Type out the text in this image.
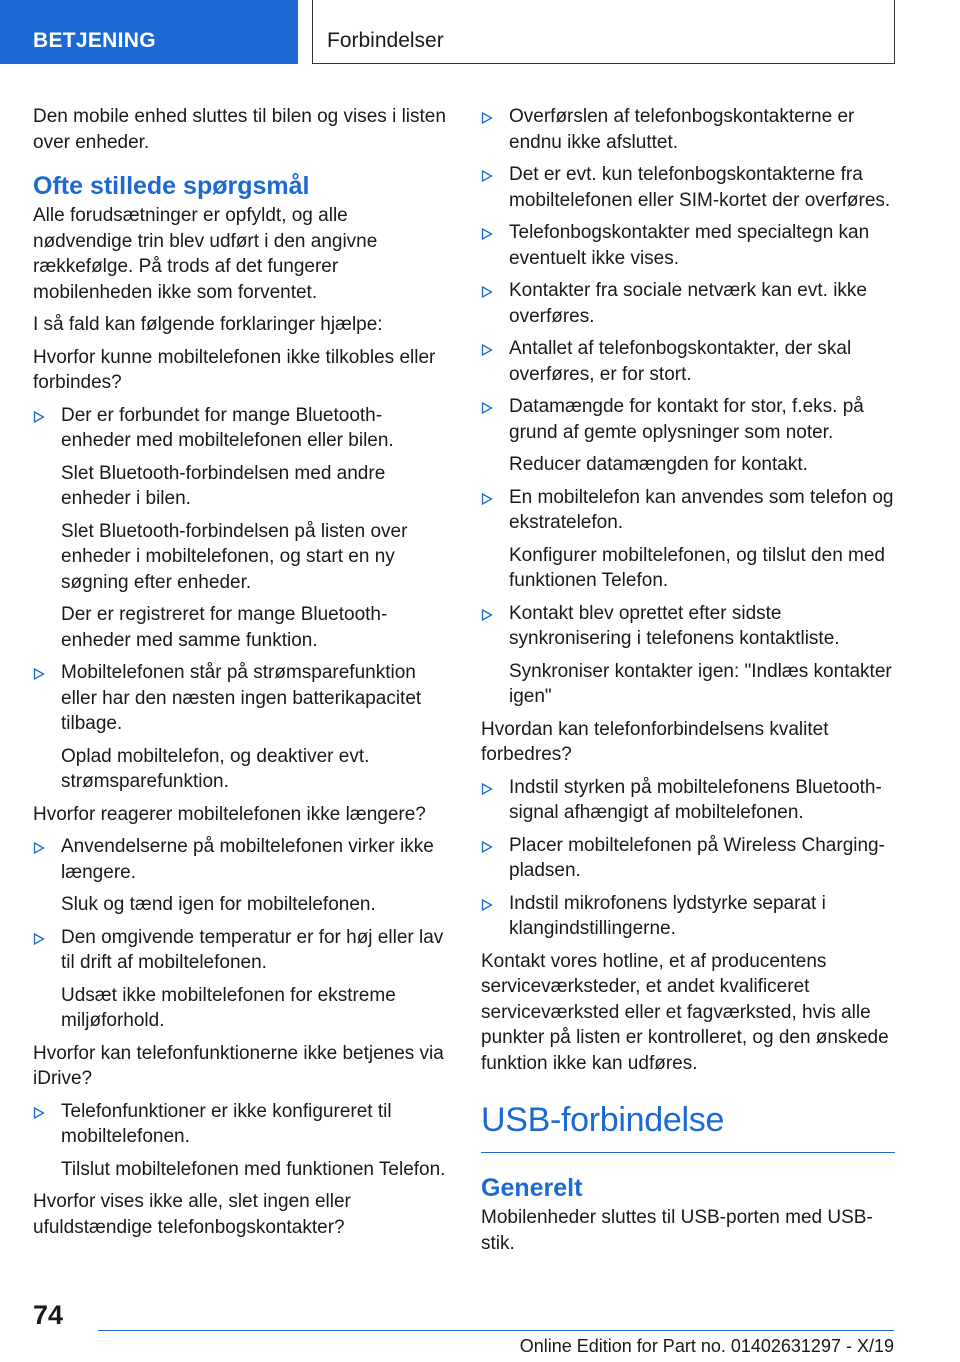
BETJENING	Forbindelser

Den mobile enhed sluttes til bilen og vises i listen over enheder.

Ofte stillede spørgsmål

Alle forudsætninger er opfyldt, og alle nødvendige trin blev udført i den angivne rækkefølge. På trods af det fungerer mobilenheden ikke som forventet.

I så fald kan følgende forklaringer hjælpe:

Hvorfor kunne mobiltelefonen ikke tilkobles eller forbindes?

Der er forbundet for mange Bluetooth-enheder med mobiltelefonen eller bilen.
Slet Bluetooth-forbindelsen med andre enheder i bilen.
Slet Bluetooth-forbindelsen på listen over enheder i mobiltelefonen, og start en ny søgning efter enheder.
Der er registreret for mange Bluetooth-enheder med samme funktion.
Mobiltelefonen står på strømsparefunktion eller har den næsten ingen batterikapacitet tilbage.
Oplad mobiltelefon, og deaktiver evt. strømsparefunktion.

Hvorfor reagerer mobiltelefonen ikke længere?

Anvendelserne på mobiltelefonen virker ikke længere.
Sluk og tænd igen for mobiltelefonen.
Den omgivende temperatur er for høj eller lav til drift af mobiltelefonen.
Udsæt ikke mobiltelefonen for ekstreme miljøforhold.

Hvorfor kan telefonfunktionerne ikke betjenes via iDrive?

Telefonfunktioner er ikke konfigureret til mobiltelefonen.
Tilslut mobiltelefonen med funktionen Telefon.

Hvorfor vises ikke alle, slet ingen eller ufuldstændige telefonbogskontakter?

Overførslen af telefonbogskontakterne er endnu ikke afsluttet.
Det er evt. kun telefonbogskontakterne fra mobiltelefonen eller SIM-kortet der overføres.
Telefonbogskontakter med specialtegn kan eventuelt ikke vises.
Kontakter fra sociale netværk kan evt. ikke overføres.
Antallet af telefonbogskontakter, der skal overføres, er for stort.
Datamængde for kontakt for stor, f.eks. på grund af gemte oplysninger som noter.
Reducer datamængden for kontakt.
En mobiltelefon kan anvendes som telefon og ekstratelefon.
Konfigurer mobiltelefonen, og tilslut den med funktionen Telefon.
Kontakt blev oprettet efter sidste synkronisering i telefonens kontaktliste.
Synkroniser kontakter igen: "Indlæs kontakter igen"

Hvordan kan telefonforbindelsens kvalitet forbedres?

Indstil styrken på mobiltelefonens Bluetooth-signal afhængigt af mobiltelefonen.
Placer mobiltelefonen på Wireless Charging-pladsen.
Indstil mikrofonens lydstyrke separat i klangindstillingerne.

Kontakt vores hotline, et af producentens serviceværksteder, et andet kvalificeret serviceværksted eller et fagværksted, hvis alle punkter på listen er kontrolleret, og den ønskede funktion ikke kan udføres.

USB-forbindelse
Generelt

Mobilenheder sluttes til USB-porten med USB-stik.

74
Online Edition for Part no. 01402631297 - X/19
